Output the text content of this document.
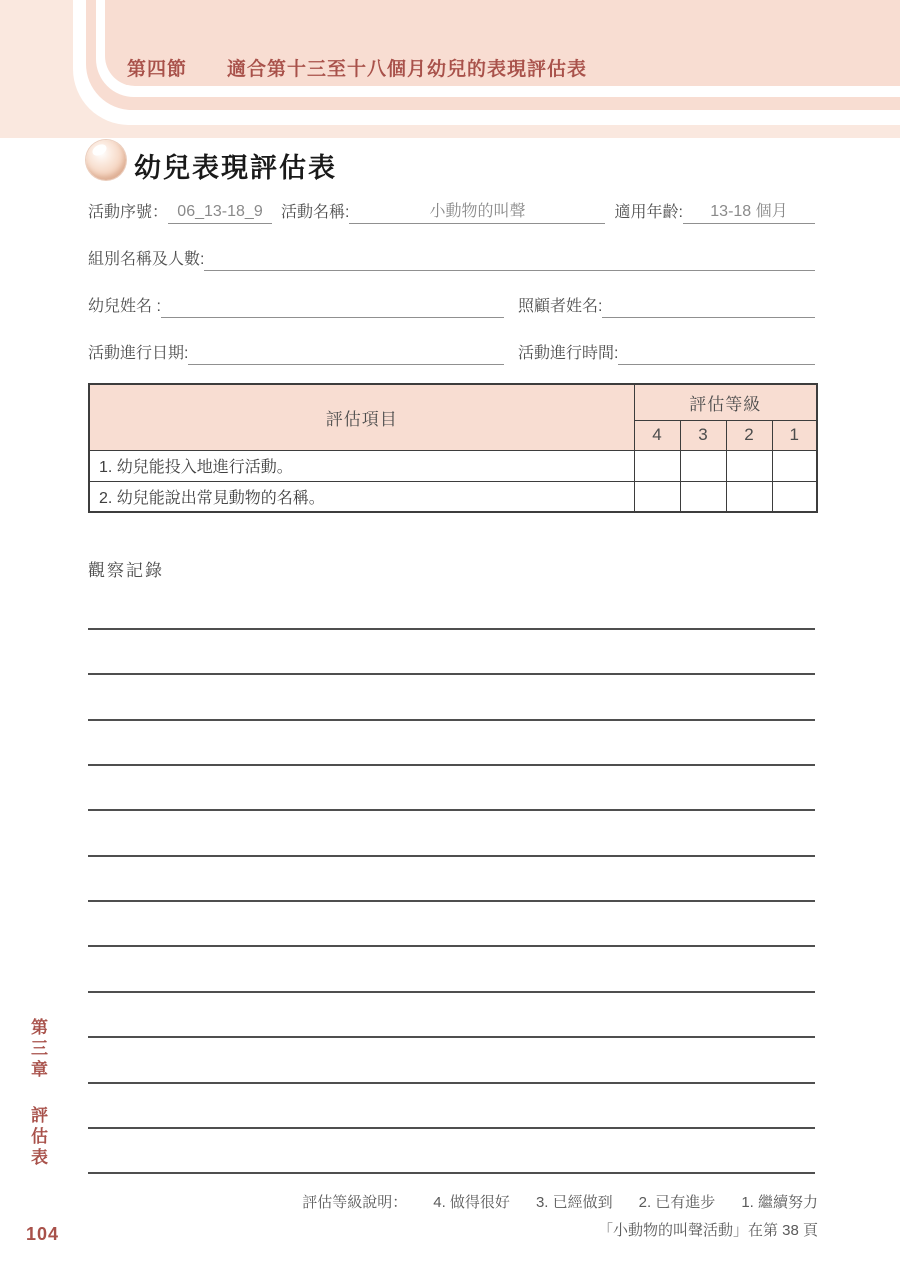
第四節 適合第十三至十八個月幼兒的表現評估表
幼兒表現評估表
活動序號： 06_13-18_9	活動名稱:	小動物的叫聲	適用年齡:	13-18 個月
組別名稱及人數:
幼兒姓名 :	照顧者姓名:
活動進行日期:	活動進行時間:
評估項目	評估等級			
	4	3	2	1
1. 幼兒能投入地進行活動。				
2. 幼兒能說出常見動物的名稱。				
觀察記錄
評估等級說明： 4. 做得很好 3. 已經做到 2. 已有進步 1. 繼續努力
「小動物的叫聲活動」在第 38 頁
第三章 評估表
104
